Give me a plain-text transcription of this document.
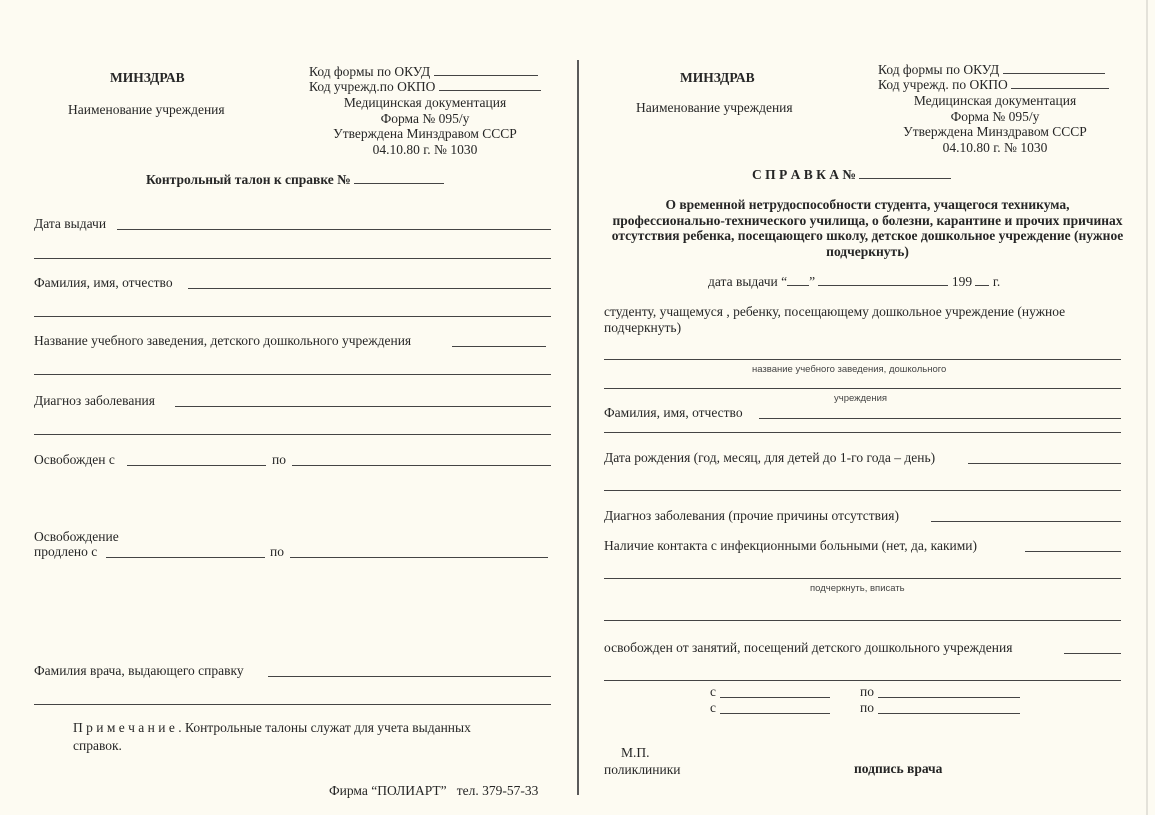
МИНЗДРАВ
Наименование учреждения
Код формы по ОКУД
Код учрежд.по ОКПО
Медицинская документация
Форма № 095/у
Утверждена Минздравом СССР
04.10.80 г. № 1030
Контрольный талон к справке №
Дата выдачи
Фамилия, имя, отчество
Название учебного заведения, детского дошкольного учреждения
Диагноз заболевания
Освобожден с	по
Освобождение
продлено с	по
Фамилия врача, выдающего справку
П р и м е ч а н и е . Контрольные талоны служат для учета выданных
справок.
Фирма “ПОЛИАРТ” тел. 379-57-33
МИНЗДРАВ
Наименование учреждения
Код формы по ОКУД
Код учрежд. по ОКПО
Медицинская документация
Форма № 095/у
Утверждена Минздравом СССР
04.10.80 г. № 1030
С П Р А В К А №
О временной нетрудоспособности студента, учащегося техникума,
профессионально-технического училища, о болезни, карантине и прочих причинах
отсутствия ребенка, посещающего школу, детское дошкольное учреждение (нужное
подчеркнуть)
дата выдачи “ ”	199 г.
студенту, учащемуся , ребенку, посещающему дошкольное учреждение (нужное
подчеркнуть)
название учебного заведения, дошкольного
учреждения
Фамилия, имя, отчество
Дата рождения (год, месяц, для детей до 1-го года – день)
Диагноз заболевания (прочие причины отсутствия)
Наличие контакта с инфекционными больными (нет, да, какими)
подчеркнуть, вписать
освобожден от занятий, посещений детского дошкольного учреждения
с	по
с	по
М.П.
поликлиники	подпись врача
